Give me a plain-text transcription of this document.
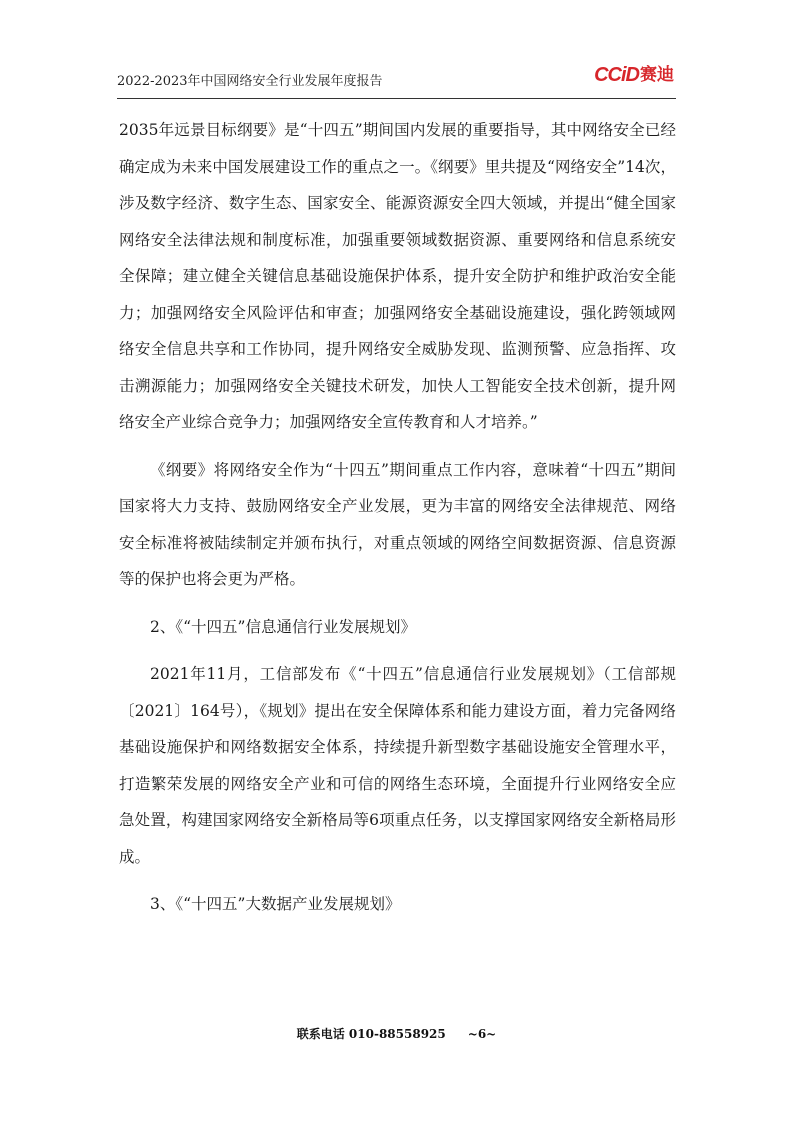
2022-2023年中国网络安全行业发展年度报告	CCiD 赛迪

2035年远景目标纲要》是“十四五”期间国内发展的重要指导，其中网络安全已经确定成为未来中国发展建设工作的重点之一。《纲要》里共提及“网络安全”14次，涉及数字经济、数字生态、国家安全、能源资源安全四大领域，并提出“健全国家网络安全法律法规和制度标准，加强重要领域数据资源、重要网络和信息系统安全保障；建立健全关键信息基础设施保护体系，提升安全防护和维护政治安全能力；加强网络安全风险评估和审查；加强网络安全基础设施建设，强化跨领域网络安全信息共享和工作协同，提升网络安全威胁发现、监测预警、应急指挥、攻击溯源能力；加强网络安全关键技术研发，加快人工智能安全技术创新，提升网络安全产业综合竞争力；加强网络安全宣传教育和人才培养。”

《纲要》将网络安全作为“十四五”期间重点工作内容，意味着“十四五”期间国家将大力支持、鼓励网络安全产业发展，更为丰富的网络安全法律规范、网络安全标准将被陆续制定并颁布执行，对重点领域的网络空间数据资源、信息资源等的保护也将会更为严格。

2、《“十四五”信息通信行业发展规划》

2021年11月，工信部发布《“十四五”信息通信行业发展规划》（工信部规〔2021〕164号），《规划》提出在安全保障体系和能力建设方面，着力完备网络基础设施保护和网络数据安全体系，持续提升新型数字基础设施安全管理水平，打造繁荣发展的网络安全产业和可信的网络生态环境，全面提升行业网络安全应急处置，构建国家网络安全新格局等6项重点任务，以支撑国家网络安全新格局形成。

3、《“十四五”大数据产业发展规划》

联系电话 010-88558925 ~6~
